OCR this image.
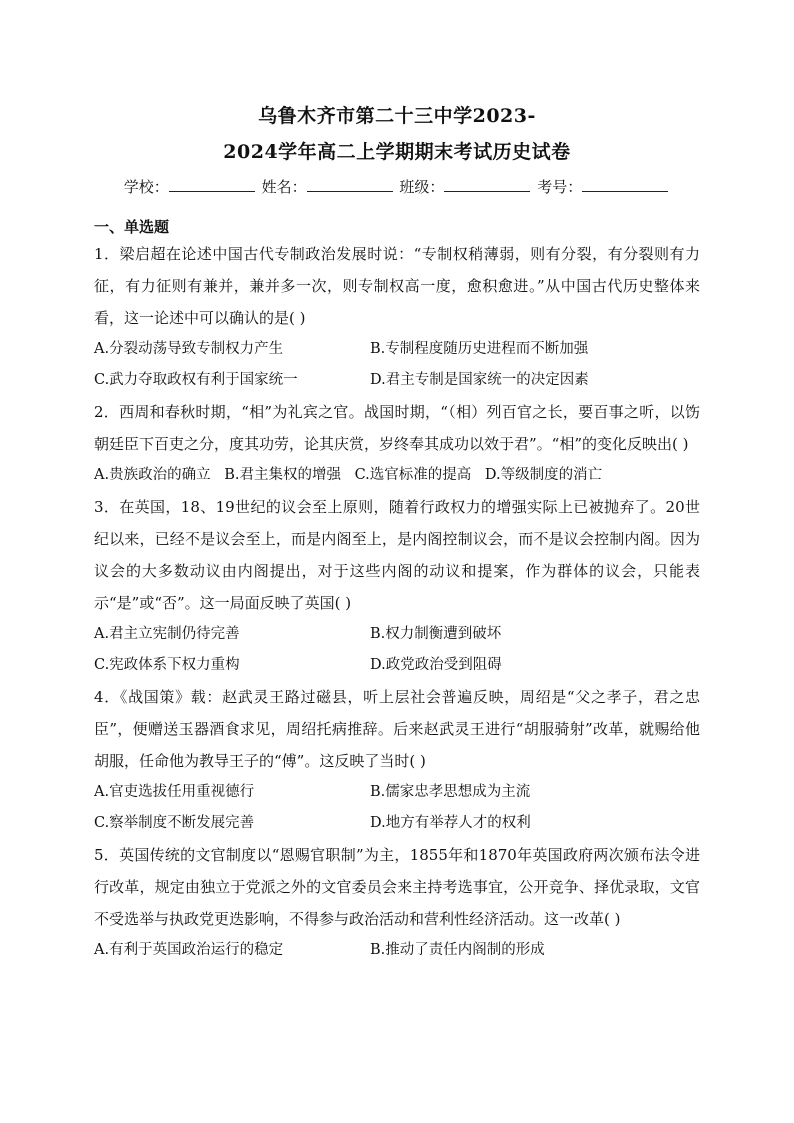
乌鲁木齐市第二十三中学2023-
2024学年高二上学期期末考试历史试卷
学校：	姓名：	班级：	考号：
一、单选题

1．梁启超在论述中国古代专制政治发展时说：“专制权稍薄弱，则有分裂，有分裂则有力征，有力征则有兼并，兼并多一次，则专制权高一度，愈积愈进。”从中国古代历史整体来看，这一论述中可以确认的是( )

A.分裂动荡导致专制权力产生	B.专制程度随历史进程而不断加强
C.武力夺取政权有利于国家统一	D.君主专制是国家统一的决定因素

2．西周和春秋时期，“相”为礼宾之官。战国时期，“（相）列百官之长，要百事之听，以饬朝廷臣下百吏之分，度其功劳，论其庆赏，岁终奉其成功以效于君”。“相”的变化反映出( )

A.贵族政治的确立 B.君主集权的增强 C.选官标准的提高 D.等级制度的消亡

3．在英国，18、19世纪的议会至上原则，随着行政权力的增强实际上已被抛弃了。20世纪以来，已经不是议会至上，而是内阁至上，是内阁控制议会，而不是议会控制内阁。因为议会的大多数动议由内阁提出，对于这些内阁的动议和提案，作为群体的议会，只能表示“是”或“否”。这一局面反映了英国( )

A.君主立宪制仍待完善	B.权力制衡遭到破坏
C.宪政体系下权力重构	D.政党政治受到阻碍

4．《战国策》载：赵武灵王路过磁县，听上层社会普遍反映，周绍是“父之孝子，君之忠臣”，便赠送玉器酒食求见，周绍托病推辞。后来赵武灵王进行“胡服骑射”改革，就赐给他胡服，任命他为教导王子的“傅”。这反映了当时( )

A.官吏选拔任用重视德行	B.儒家忠孝思想成为主流
C.察举制度不断发展完善	D.地方有举荐人才的权利

5．英国传统的文官制度以“恩赐官职制”为主，1855年和1870年英国政府两次颁布法令进行改革，规定由独立于党派之外的文官委员会来主持考选事宜，公开竞争、择优录取，文官不受选举与执政党更迭影响，不得参与政治活动和营利性经济活动。这一改革( )

A.有利于英国政治运行的稳定	B.推动了责任内阁制的形成
